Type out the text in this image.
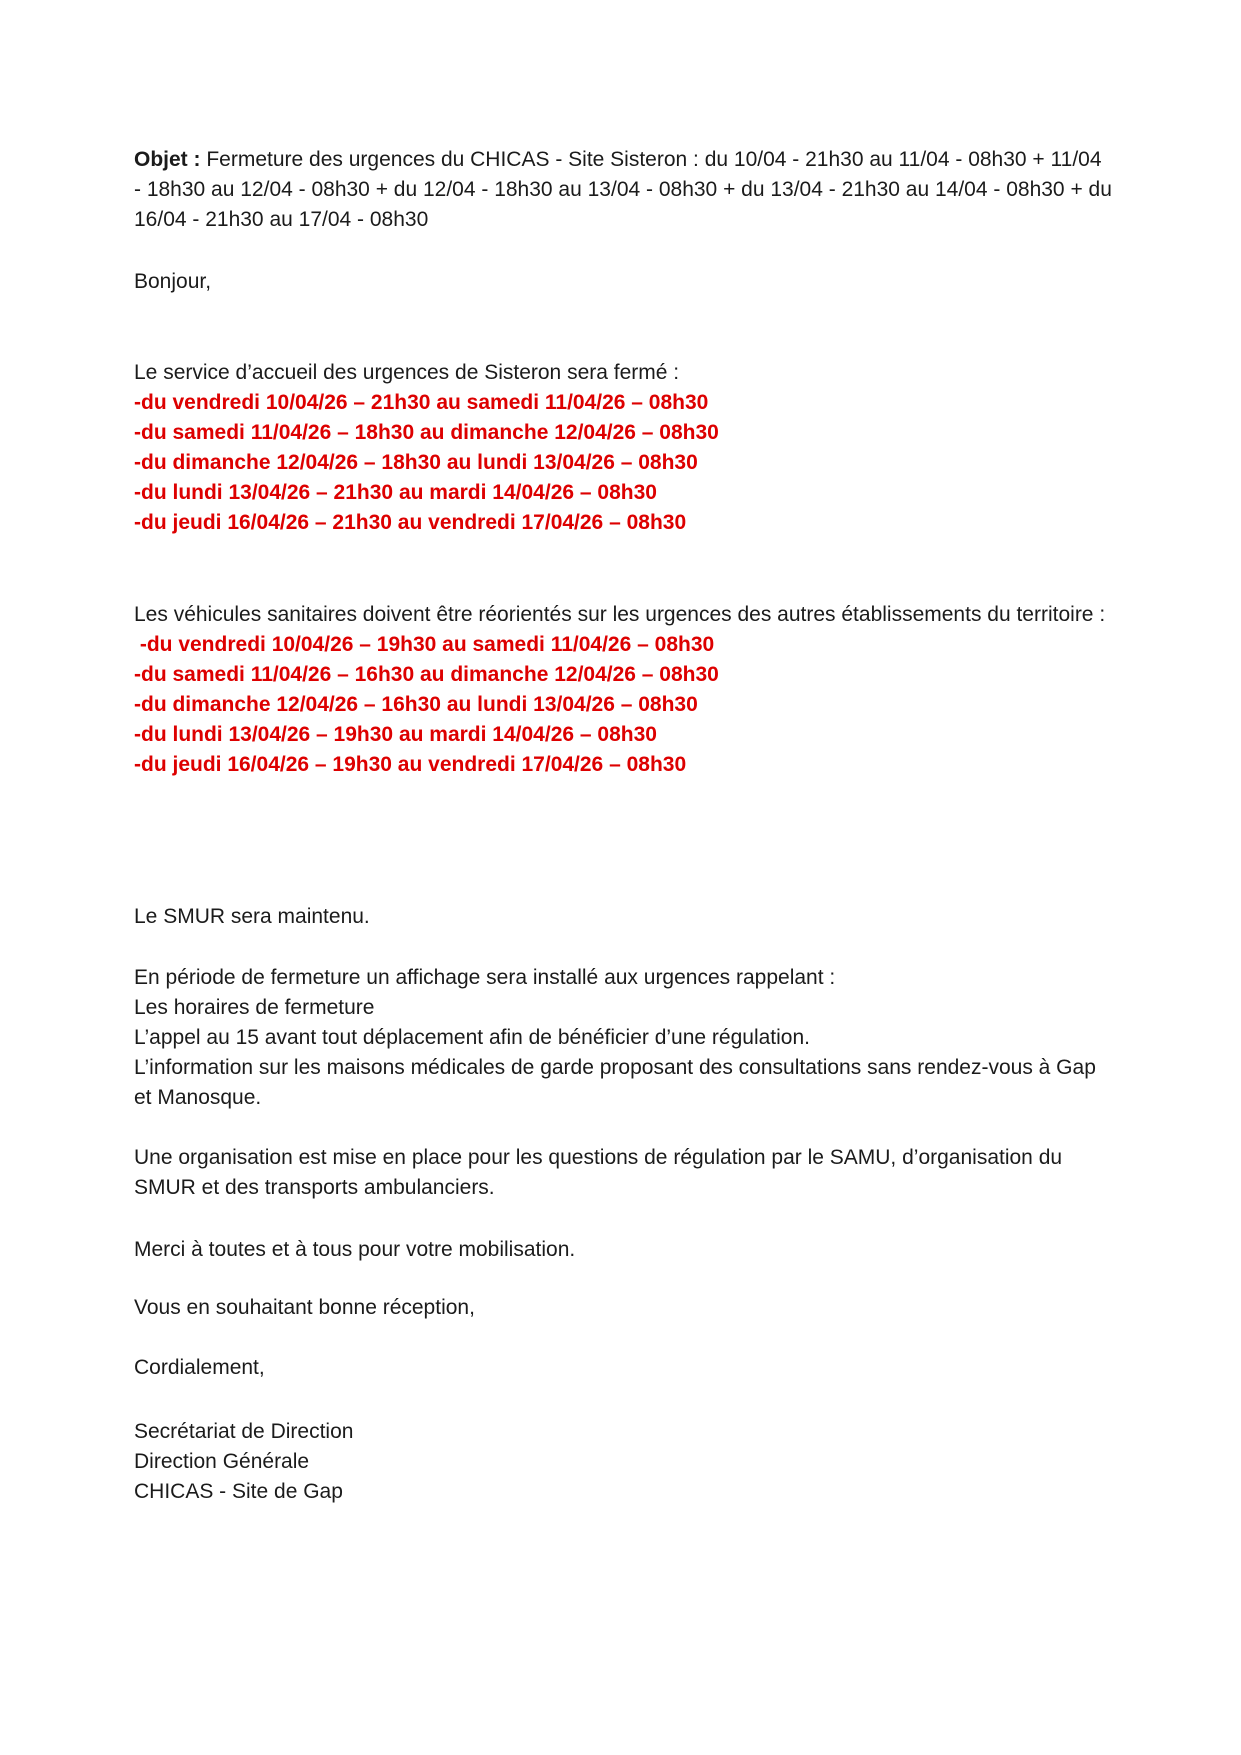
Objet : Fermeture des urgences du CHICAS - Site Sisteron : du 10/04 - 21h30 au 11/04 - 08h30 + 11/04 - 18h30 au 12/04 - 08h30 + du 12/04 - 18h30 au 13/04 - 08h30 + du 13/04 - 21h30 au 14/04 - 08h30 + du 16/04 - 21h30 au 17/04 - 08h30

Bonjour,

Le service d’accueil des urgences de Sisteron sera fermé :
-du vendredi 10/04/26 – 21h30 au samedi 11/04/26 – 08h30
-du samedi 11/04/26 – 18h30 au dimanche 12/04/26 – 08h30
-du dimanche 12/04/26 – 18h30 au lundi 13/04/26 – 08h30
-du lundi 13/04/26 – 21h30 au mardi 14/04/26 – 08h30
-du jeudi 16/04/26 – 21h30 au vendredi 17/04/26 – 08h30
Les véhicules sanitaires doivent être réorientés sur les urgences des autres établissements du territoire :
-du vendredi 10/04/26 – 19h30 au samedi 11/04/26 – 08h30
-du samedi 11/04/26 – 16h30 au dimanche 12/04/26 – 08h30
-du dimanche 12/04/26 – 16h30 au lundi 13/04/26 – 08h30
-du lundi 13/04/26 – 19h30 au mardi 14/04/26 – 08h30
-du jeudi 16/04/26 – 19h30 au vendredi 17/04/26 – 08h30

Le SMUR sera maintenu.

En période de fermeture un affichage sera installé aux urgences rappelant :
Les horaires de fermeture
L’appel au 15 avant tout déplacement afin de bénéficier d’une régulation.
L’information sur les maisons médicales de garde proposant des consultations sans rendez-vous à Gap et Manosque.

Une organisation est mise en place pour les questions de régulation par le SAMU, d’organisation du SMUR et des transports ambulanciers.

Merci à toutes et à tous pour votre mobilisation.

Vous en souhaitant bonne réception,

Cordialement,

Secrétariat de Direction
Direction Générale
CHICAS - Site de Gap
